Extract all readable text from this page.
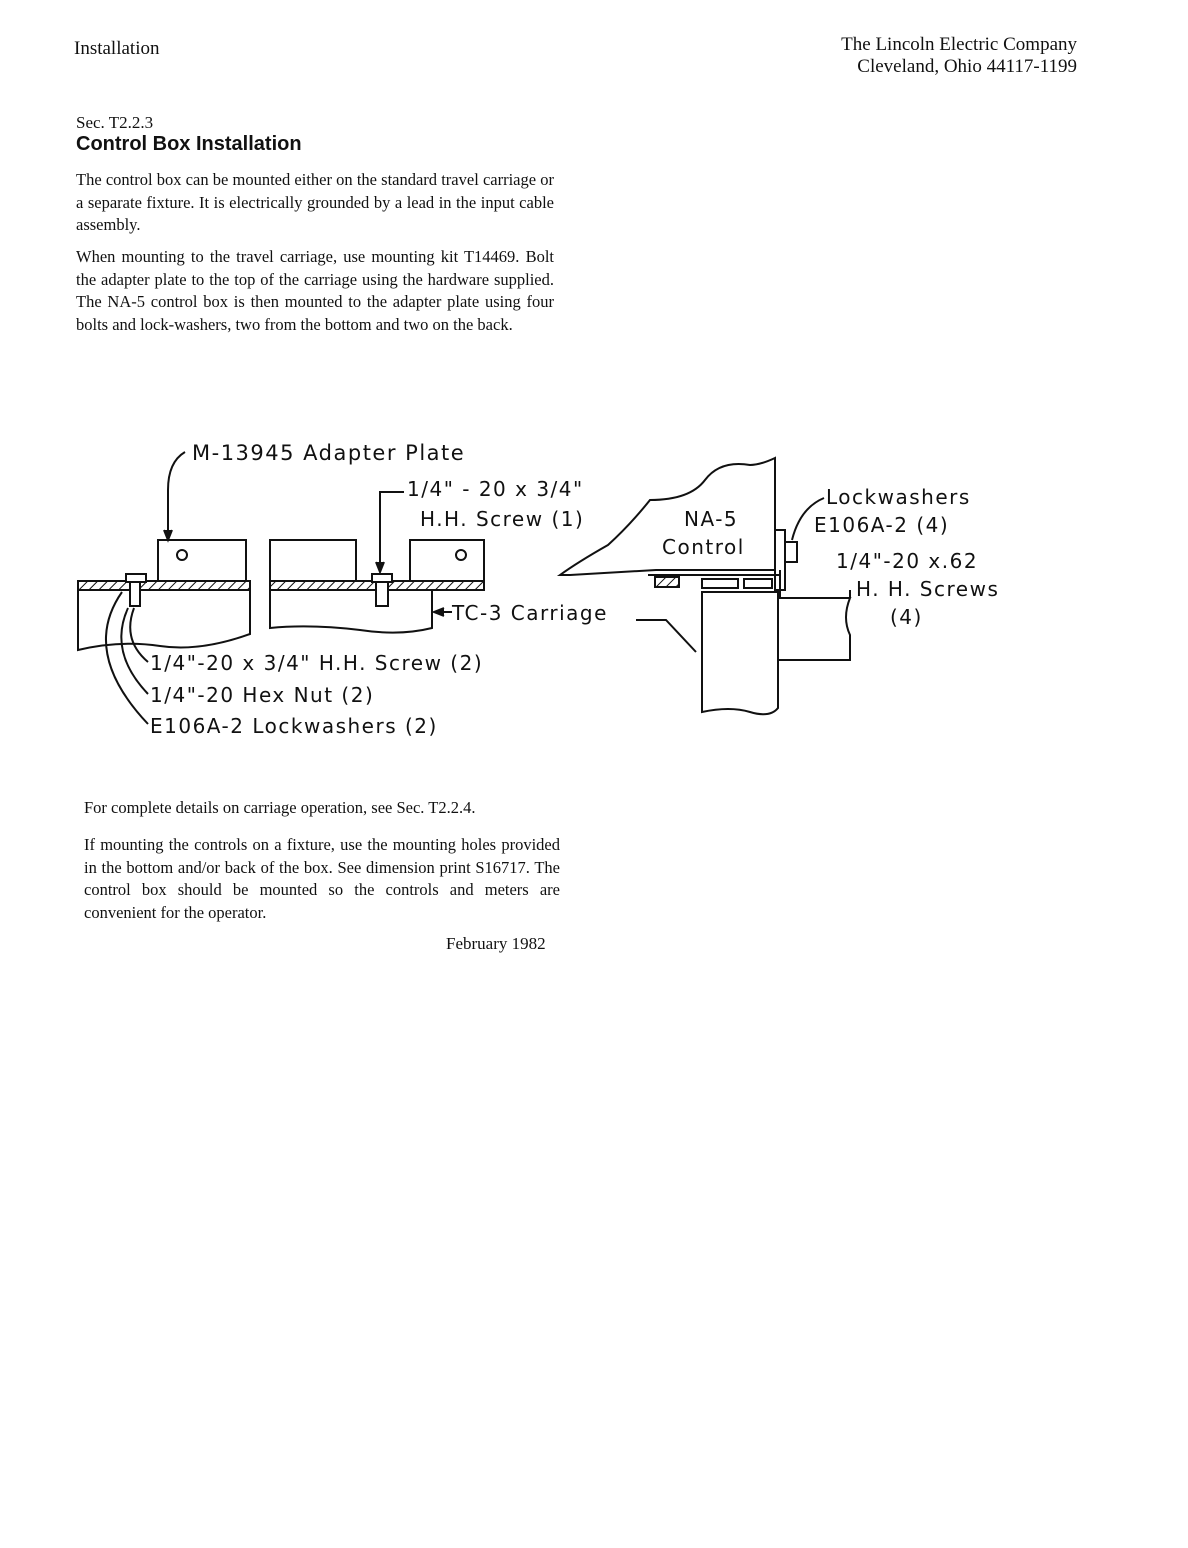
Installation	The Lincoln Electric Company
Cleveland, Ohio 44117-1199
Sec. T2.2.3
Control Box Installation
The control box can be mounted either on the standard travel carriage or a separate fixture. It is electrically grounded by a lead in the input cable assembly.
When mounting to the travel carriage, use mounting kit T14469. Bolt the adapter plate to the top of the carriage using the hardware supplied. The NA-5 control box is then mounted to the adapter plate using four bolts and lock-washers, two from the bottom and two on the back.
M-13945 Adapter Plate
1/4" - 20 x 3/4"
H.H. Screw (1)	NA-5
Control
Lockwashers
E106A-2 (4)
1/4"-20 x.62
H. H. Screws
(4)
TC-3 Carriage
1/4"-20 x 3/4" H.H. Screw (2)
1/4"-20 Hex Nut (2)
E106A-2 Lockwashers (2)
For complete details on carriage operation, see Sec. T2.2.4.
If mounting the controls on a fixture, use the mounting holes provided in the bottom and/or back of the box. See dimension print S16717. The control box should be mounted so the controls and meters are convenient for the operator.
February 1982
